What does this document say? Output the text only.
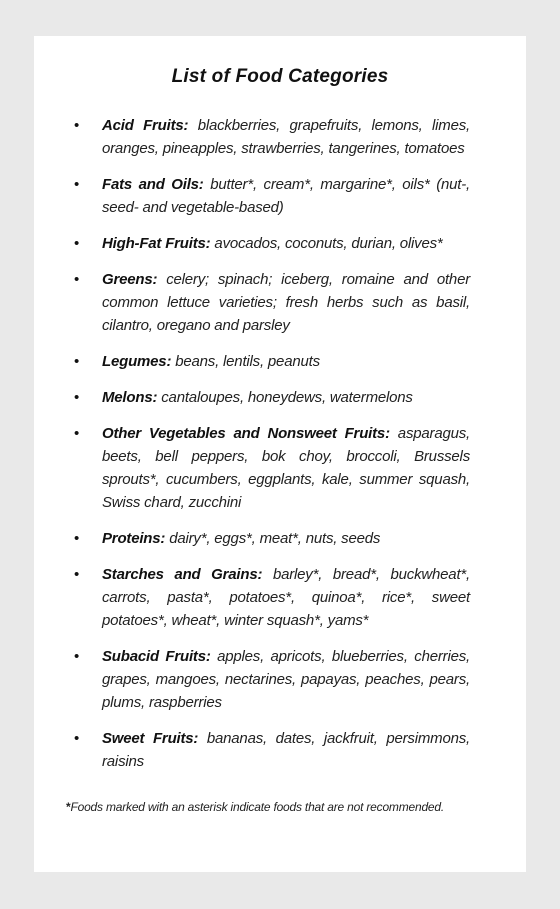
List of Food Categories
• Acid Fruits: blackberries, grapefruits, lemons, limes, oranges, pineapples, strawberries, tangerines, tomatoes
• Fats and Oils: butter*, cream*, margarine*, oils* (nut-, seed- and vegetable-based)
• High-Fat Fruits: avocados, coconuts, durian, olives*
• Greens: celery; spinach; iceberg, romaine and other common lettuce varieties; fresh herbs such as basil, cilantro, oregano and parsley
• Legumes: beans, lentils, peanuts
• Melons: cantaloupes, honeydews, watermelons
• Other Vegetables and Nonsweet Fruits: asparagus, beets, bell peppers, bok choy, broccoli, Brussels sprouts*, cucumbers, eggplants, kale, summer squash, Swiss chard, zucchini
• Proteins: dairy*, eggs*, meat*, nuts, seeds
• Starches and Grains: barley*, bread*, buckwheat*, carrots, pasta*, potatoes*, quinoa*, rice*, sweet potatoes*, wheat*, winter squash*, yams*
• Subacid Fruits: apples, apricots, blueberries, cherries, grapes, mangoes, nectarines, papayas, peaches, pears, plums, raspberries
• Sweet Fruits: bananas, dates, jackfruit, persimmons, raisins

*Foods marked with an asterisk indicate foods that are not recommended.
